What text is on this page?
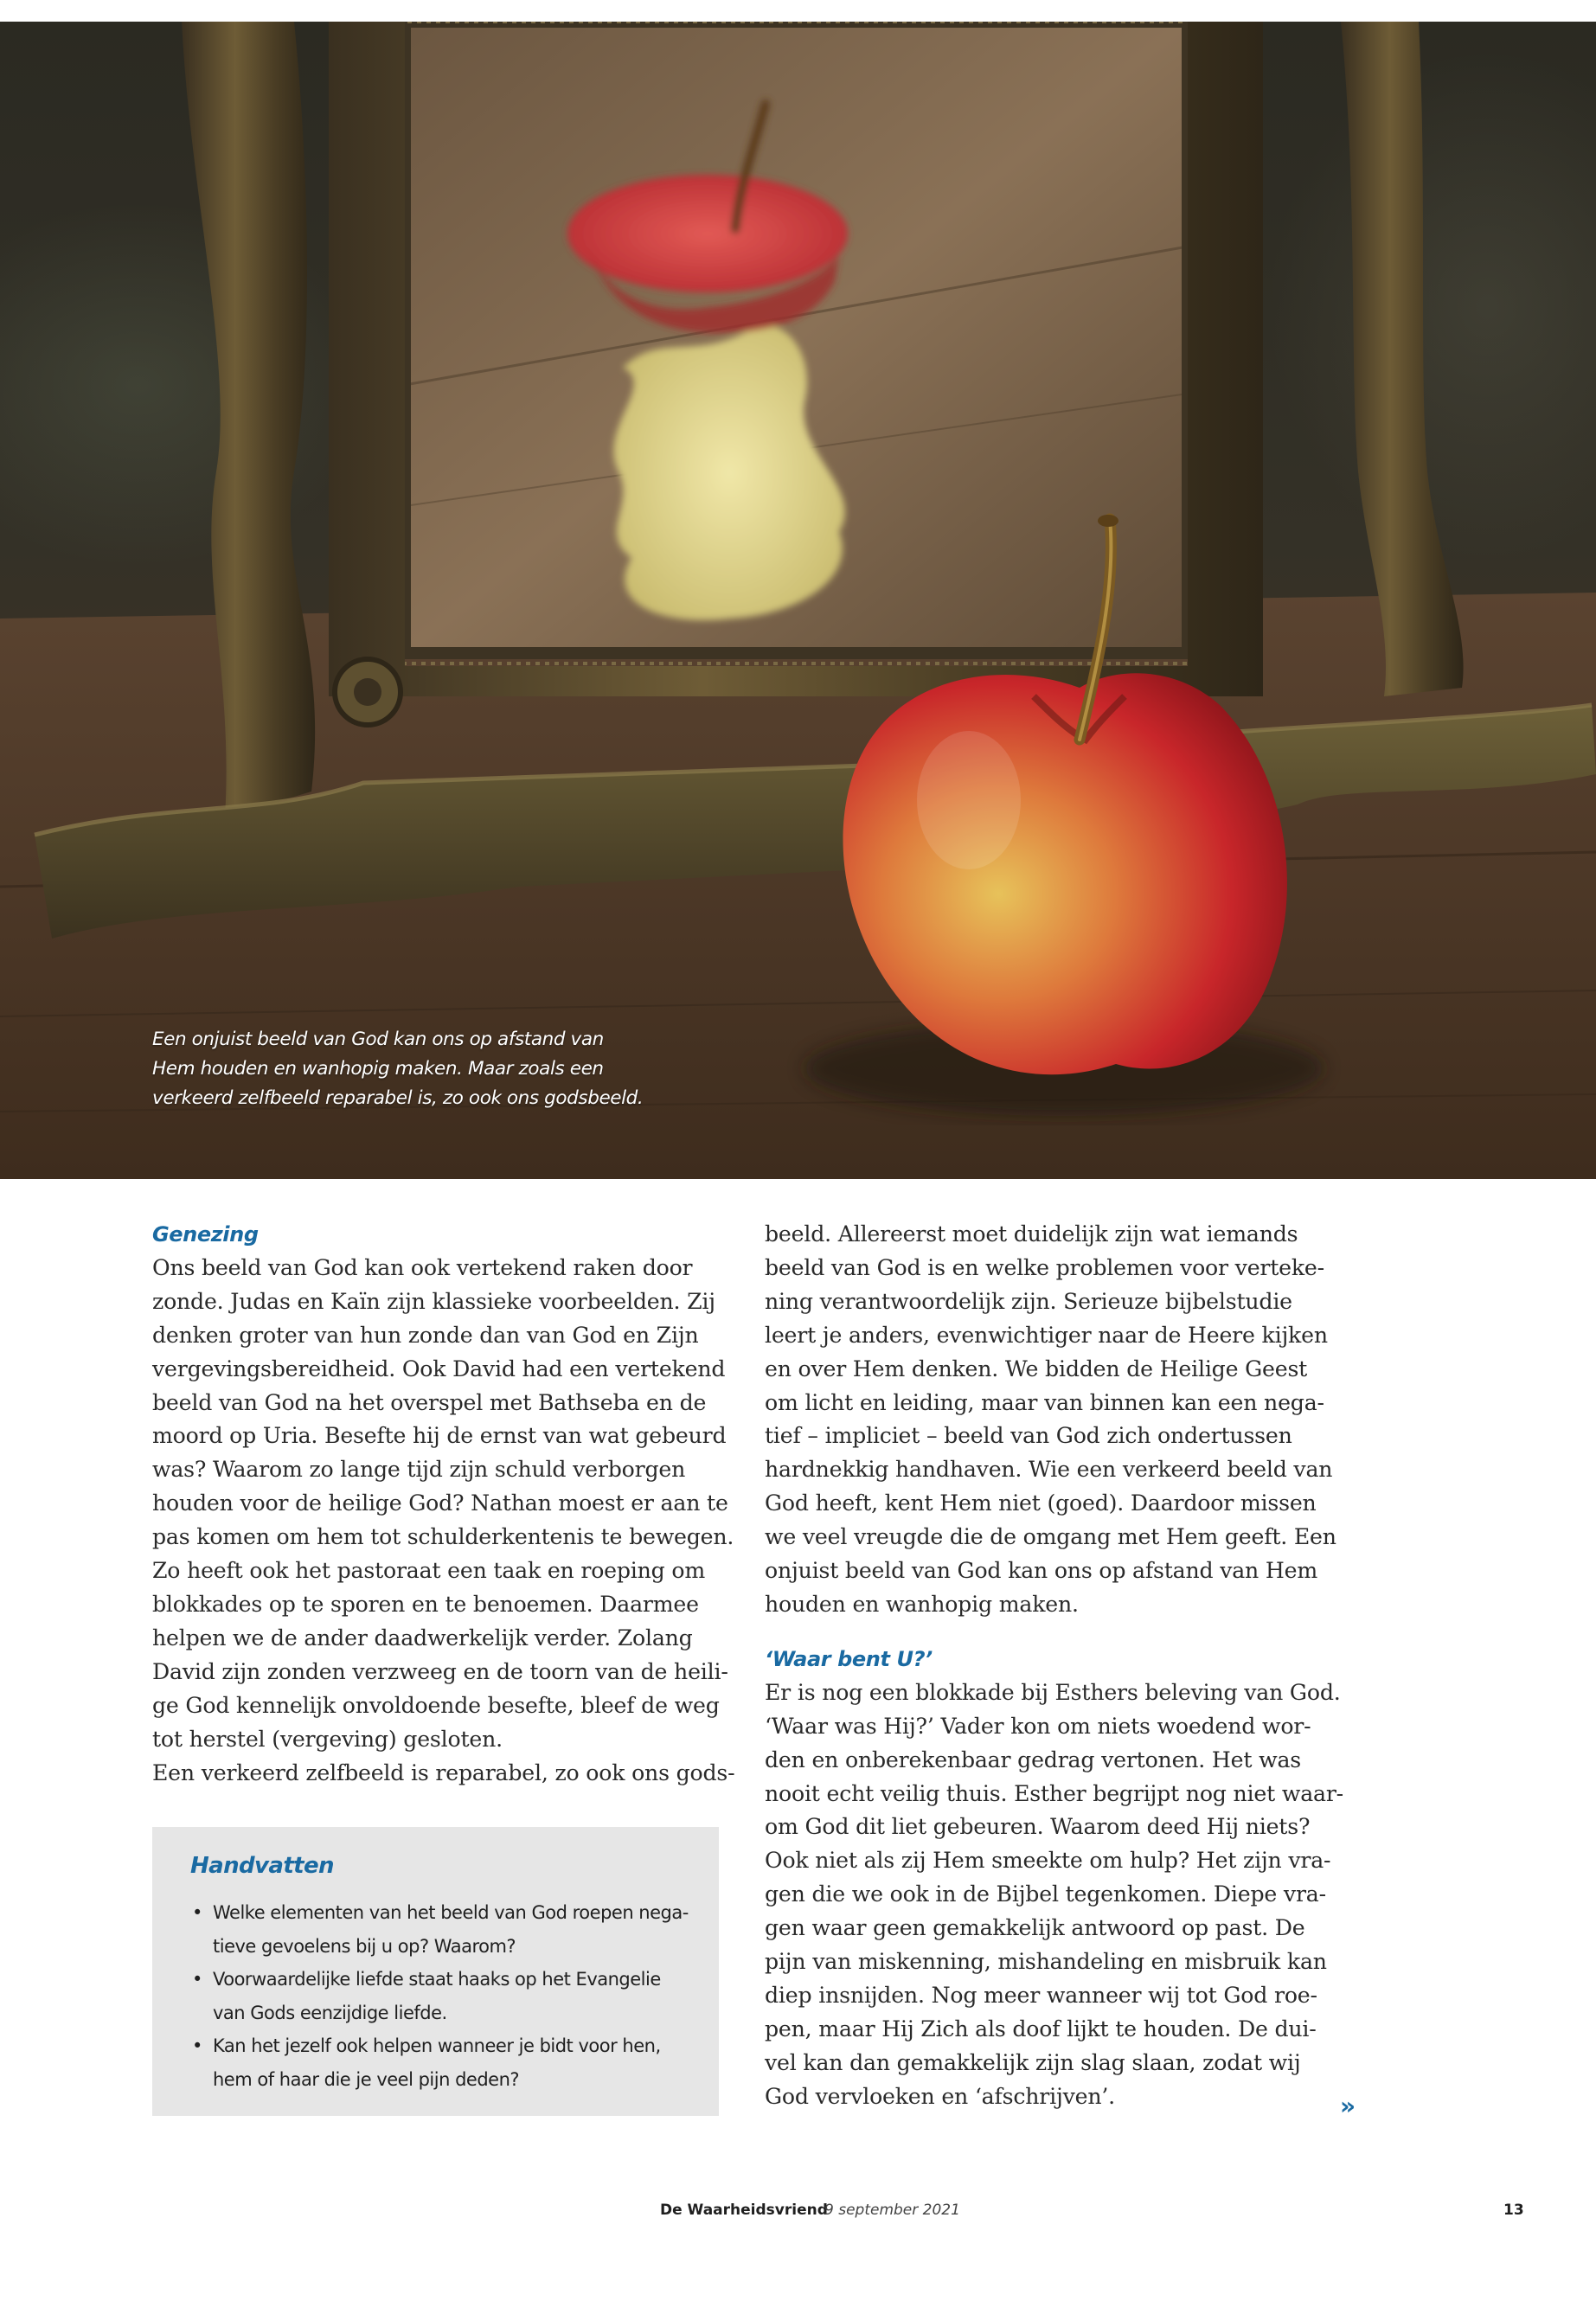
Een onjuist beeld van God kan ons op afstand van
Hem houden en wanhopig maken. Maar zoals een
verkeerd zelfbeeld reparabel is, zo ook ons godsbeeld.
Genezing
Ons beeld van God kan ook vertekend raken door
zonde. Judas en Kaïn zijn klassieke voorbeelden. Zij
denken groter van hun zonde dan van God en Zijn
vergevingsbereidheid. Ook David had een vertekend
beeld van God na het overspel met Bathseba en de
moord op Uria. Besefte hij de ernst van wat gebeurd
was? Waarom zo lange tijd zijn schuld verborgen
houden voor de heilige God? Nathan moest er aan te
pas komen om hem tot schulderkentenis te bewegen.
Zo heeft ook het pastoraat een taak en roeping om
blokkades op te sporen en te benoemen. Daarmee
helpen we de ander daadwerkelijk verder. Zolang
David zijn zonden verzweeg en de toorn van de heili-
ge God kennelijk onvoldoende besefte, bleef de weg
tot herstel (vergeving) gesloten.
Een verkeerd zelfbeeld is reparabel, zo ook ons gods-
Handvatten
• Welke elementen van het beeld van God roepen nega-
tieve gevoelens bij u op? Waarom?
• Voorwaardelijke liefde staat haaks op het Evangelie
van Gods eenzijdige liefde.
• Kan het jezelf ook helpen wanneer je bidt voor hen,
hem of haar die je veel pijn deden?
beeld. Allereerst moet duidelijk zijn wat iemands
beeld van God is en welke problemen voor verteke-
ning verantwoordelijk zijn. Serieuze bijbelstudie
leert je anders, evenwichtiger naar de Heere kijken
en over Hem denken. We bidden de Heilige Geest
om licht en leiding, maar van binnen kan een nega-
tief – impliciet – beeld van God zich ondertussen
hardnekkig handhaven. Wie een verkeerd beeld van
God heeft, kent Hem niet (goed). Daardoor missen
we veel vreugde die de omgang met Hem geeft. Een
onjuist beeld van God kan ons op afstand van Hem
houden en wanhopig maken.
‘Waar bent U?’
Er is nog een blokkade bij Esthers beleving van God.
‘Waar was Hij?’ Vader kon om niets woedend wor-
den en onberekenbaar gedrag vertonen. Het was
nooit echt veilig thuis. Esther begrijpt nog niet waar-
om God dit liet gebeuren. Waarom deed Hij niets?
Ook niet als zij Hem smeekte om hulp? Het zijn vra-
gen die we ook in de Bijbel tegenkomen. Diepe vra-
gen waar geen gemakkelijk antwoord op past. De
pijn van miskenning, mishandeling en misbruik kan
diep insnijden. Nog meer wanneer wij tot God roe-
pen, maar Hij Zich als doof lijkt te houden. De dui-
vel kan dan gemakkelijk zijn slag slaan, zodat wij
God vervloeken en ‘afschrijven’.	»
De Waarheidsvriend
9 september 2021	13
